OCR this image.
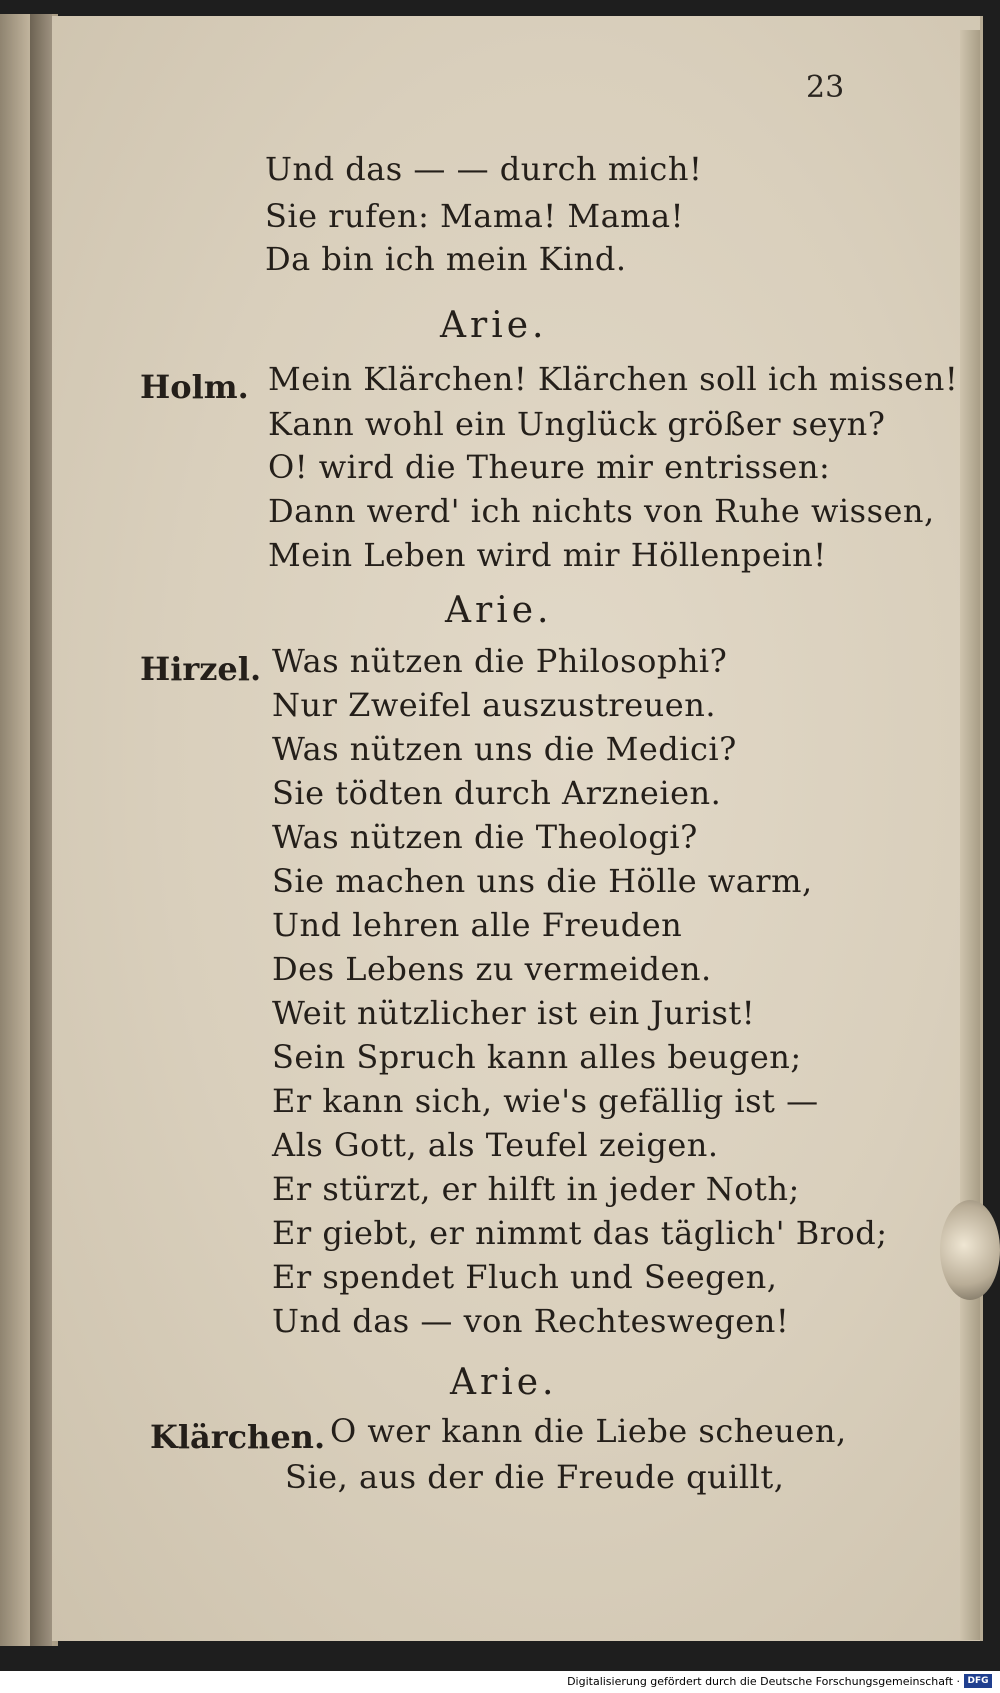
23
Und das — — durch mich!
Sie rufen: Mama! Mama!
Da bin ich mein Kind.
Arie.
Holm. Mein Klärchen! Klärchen soll ich missen!
Kann wohl ein Unglück größer seyn?
O! wird die Theure mir entrissen:
Dann werd' ich nichts von Ruhe wissen,
Mein Leben wird mir Höllenpein!
Arie.
Hirzel. Was nützen die Philosophi?
Nur Zweifel auszustreuen.
Was nützen uns die Medici?
Sie tödten durch Arzneien.
Was nützen die Theologi?
Sie machen uns die Hölle warm,
Und lehren alle Freuden
Des Lebens zu vermeiden.
Weit nützlicher ist ein Jurist!
Sein Spruch kann alles beugen;
Er kann sich, wie's gefällig ist —
Als Gott, als Teufel zeigen.
Er stürzt, er hilft in jeder Noth;
Er giebt, er nimmt das täglich' Brod;
Er spendet Fluch und Seegen,
Und das — von Rechteswegen!
Arie.
Klärchen. O wer kann die Liebe scheuen,
Sie, aus der die Freude quillt,
Digitalisierung gefördert durch die Deutsche Forschungsgemeinschaft · DFG
